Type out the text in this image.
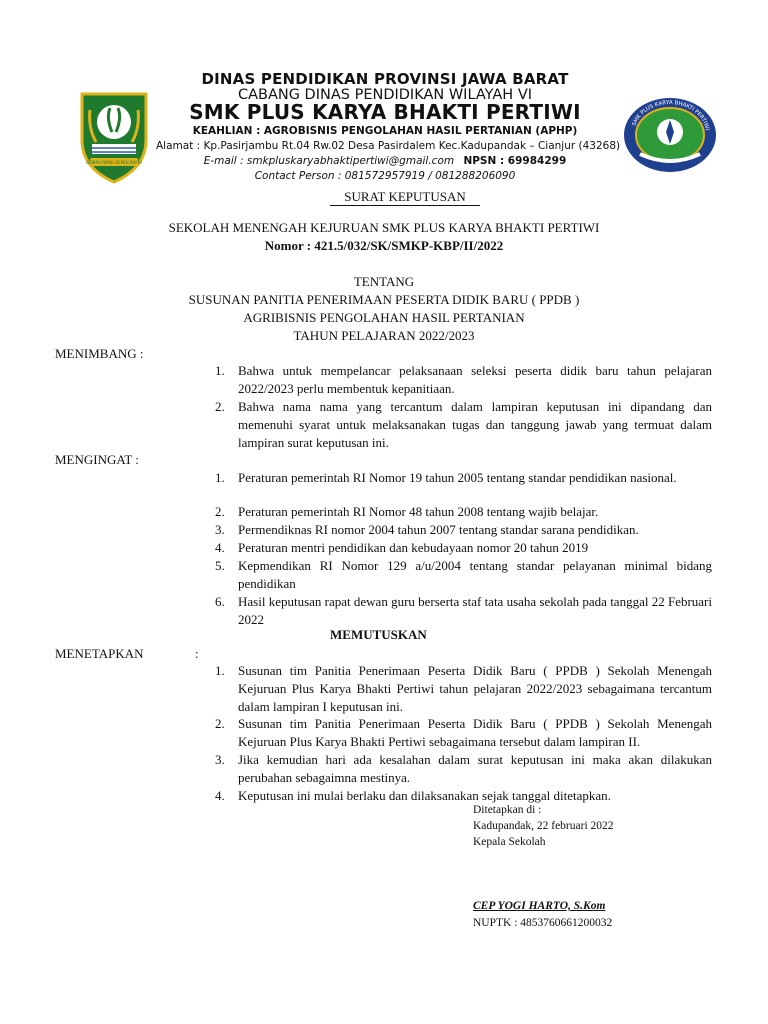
GEMAH RIPAH REPEH RAPIH
SMK PLUS KARYA BHAKTI PERTIWI
DINAS PENDIDIKAN PROVINSI JAWA BARAT
CABANG DINAS PENDIDIKAN WILAYAH VI
SMK PLUS KARYA BHAKTI PERTIWI
KEAHLIAN : AGROBISNIS PENGOLAHAN HASIL PERTANIAN (APHP)
Alamat : Kp.Pasirjambu Rt.04 Rw.02 Desa Pasirdalem Kec.Kadupandak – Cianjur (43268)
E-mail : smkpluskaryabhaktipertiwi@gmail.com NPSN : 69984299
Contact Person : 081572957919 / 081288206090
SURAT KEPUTUSAN
SEKOLAH MENENGAH KEJURUAN SMK PLUS KARYA BHAKTI PERTIWI
Nomor : 421.5/032/SK/SMKP-KBP/II/2022
TENTANG
SUSUNAN PANITIA PENERIMAAN PESERTA DIDIK BARU ( PPDB )
AGRIBISNIS PENGOLAHAN HASIL PERTANIAN
TAHUN PELAJARAN 2022/2023
MENIMBANG :
1.	Bahwa untuk mempelancar pelaksanaan seleksi peserta didik baru tahun pelajaran 2022/2023 perlu membentuk kepanitiaan.
2.	Bahwa nama nama yang tercantum dalam lampiran keputusan ini dipandang dan memenuhi syarat untuk melaksanakan tugas dan tanggung jawab yang termuat dalam lampiran surat keputusan ini.
MENGINGAT :
1.	Peraturan pemerintah RI Nomor 19 tahun 2005 tentang standar pendidikan nasional.
2.	Peraturan pemerintah RI Nomor 48 tahun 2008 tentang wajib belajar.
3.	Permendiknas RI nomor 2004 tahun 2007 tentang standar sarana pendidikan.
4.	Peraturan mentri pendidikan dan kebudayaan nomor 20 tahun 2019
5.	Kepmendikan RI Nomor 129 a/u/2004 tentang standar pelayanan minimal bidang pendidikan
6.	Hasil keputusan rapat dewan guru berserta staf tata usaha sekolah pada tanggal 22 Februari 2022
MEMUTUSKAN
MENETAPKAN	:
1.	Susunan tim Panitia Penerimaan Peserta Didik Baru ( PPDB ) Sekolah Menengah Kejuruan Plus Karya Bhakti Pertiwi tahun pelajaran 2022/2023 sebagaimana tercantum dalam lampiran I keputusan ini.
2.	Susunan tim Panitia Penerimaan Peserta Didik Baru ( PPDB ) Sekolah Menengah Kejuruan Plus Karya Bhakti Pertiwi sebagaimana tersebut dalam lampiran II.
3.	Jika kemudian hari ada kesalahan dalam surat keputusan ini maka akan dilakukan perubahan sebagaimna mestinya.
4.	Keputusan ini mulai berlaku dan dilaksanakan sejak tanggal ditetapkan.
Ditetapkan di :
Kadupandak, 22 februari 2022
Kepala Sekolah
CEP YOGI HARTO, S.Kom
NUPTK : 4853760661200032
